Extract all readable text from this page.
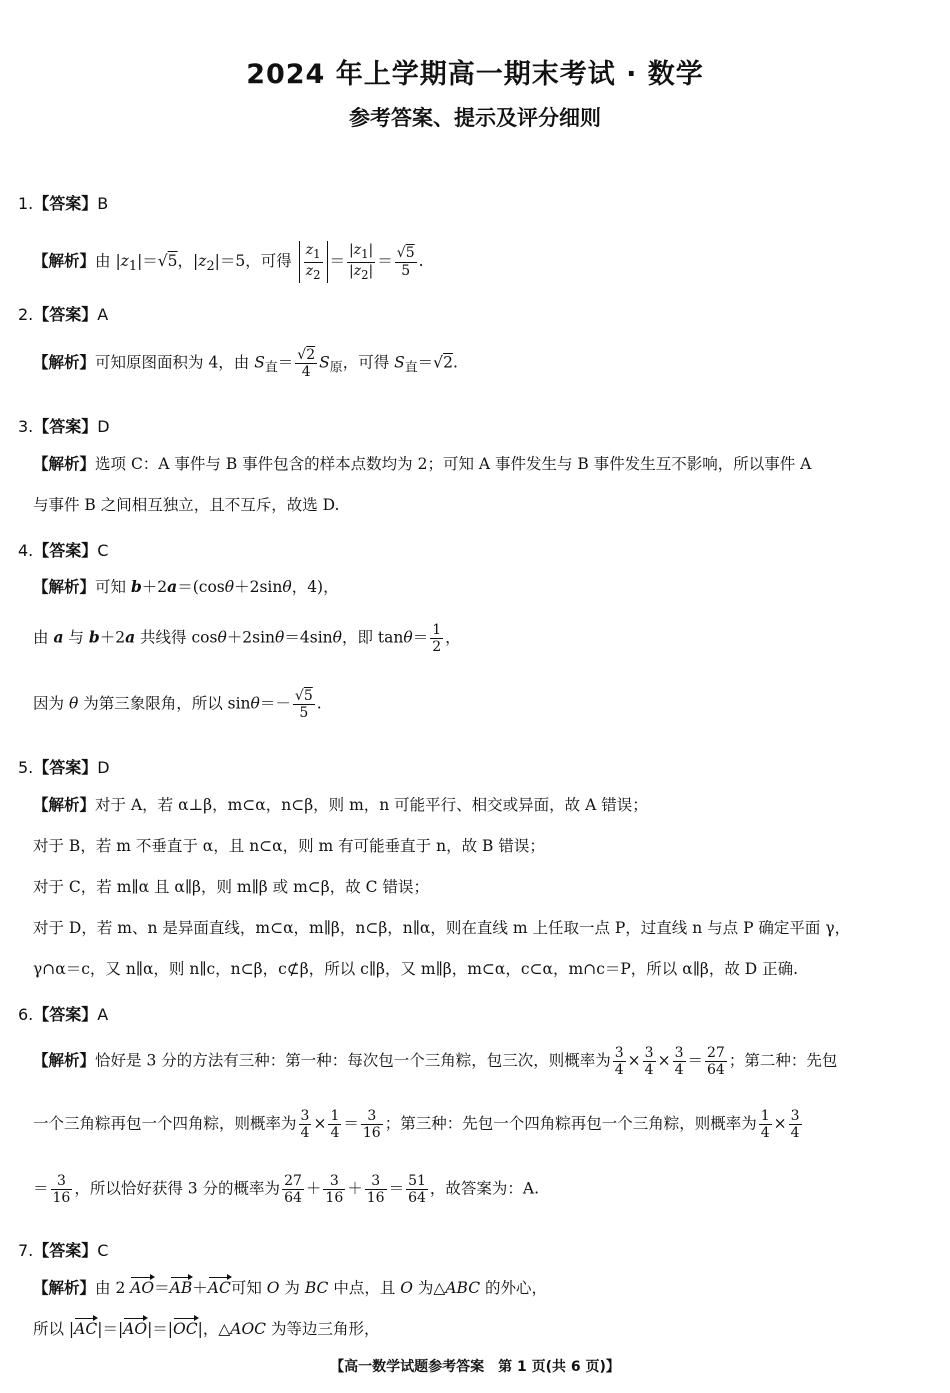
2024 年上学期高一期末考试 · 数学
参考答案、提示及评分细则
1.【答案】B
【解析】由 $|z_1|=√5$，$|z_2|=5$，可得 $\frac{z_1}{z_2} = \frac{|z_1|}{|z_2|} = \frac{√5}{5}$ .
2.【答案】A
【解析】可知原图面积为 4，由 $S_直= \frac{√2}{4} S_原$，可得 $S_直=√2$.
3.【答案】D
【解析】选项 C：A 事件与 B 事件包含的样本点数均为 2；可知 A 事件发生与 B 事件发生互不影响，所以事件 A
与事件 B 之间相互独立，且不互斥，故选 D.
4.【答案】C
【解析】可知 b＋2a＝(cosθ＋2sinθ，4)，
由 a 与 b＋2a 共线得 cosθ＋2sinθ＝4sinθ，即 $\tan\theta= \frac{1}{2}$ ，
因为 θ 为第三象限角，所以 $\sin\theta=- \frac{√5}{5}$ .
5.【答案】D
【解析】对于 A，若 α⊥β，m⊂α，n⊂β，则 m，n 可能平行、相交或异面，故 A 错误；
对于 B，若 m 不垂直于 α，且 n⊂α，则 m 有可能垂直于 n，故 B 错误；
对于 C，若 m∥α 且 α∥β，则 m∥β 或 m⊂β，故 C 错误；
对于 D，若 m、n 是异面直线，m⊂α，m∥β，n⊂β，n∥α，则在直线 m 上任取一点 P，过直线 n 与点 P 确定平面 γ，
γ∩α＝c，又 n∥α，则 n∥c，n⊂β，c⊄β，所以 c∥β，又 m∥β，m⊂α，c⊂α，m∩c＝P，所以 α∥β，故 D 正确.
6.【答案】A
【解析】恰好是 3 分的方法有三种：第一种：每次包一个三角粽，包三次，则概率为 $\frac{3}{4} \times \frac{3}{4} \times \frac{3}{4} = \frac{27}{64}$ ；第二种：先包
一个三角粽再包一个四角粽，则概率为 $\frac{3}{4} \times \frac{1}{4} = \frac{3}{16}$ ；第三种：先包一个四角粽再包一个三角粽，则概率为 $\frac{1}{4} \times \frac{3}{4}$
＝ $\frac{3}{16}$ ，所以恰好获得 3 分的概率为 $\frac{27}{64} + \frac{3}{16} + \frac{3}{16} = \frac{51}{64}$ ，故答案为：A.
7.【答案】C
【解析】由 2 AO＝AB＋AC可知 O 为 BC 中点，且 O 为△ABC 的外心，
所以 |AC|＝|AO|＝|OC|，△AOC 为等边三角形，
【高一数学试题参考答案　第 1 页(共 6 页)】
